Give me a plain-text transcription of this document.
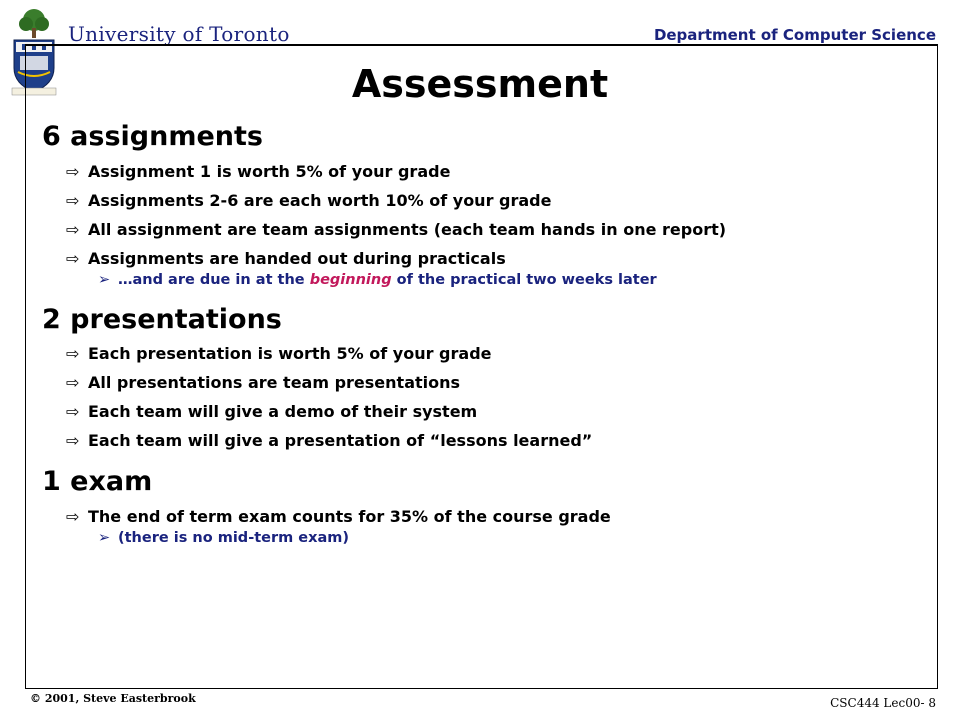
University of Toronto	Department of Computer Science
Assessment
6 assignments
⇨ Assignment 1 is worth 5% of your grade
⇨ Assignments 2-6 are each worth 10% of your grade
⇨ All assignment are team assignments (each team hands in one report)
⇨ Assignments are handed out during practicals
➢ …and are due in at the beginning of the practical two weeks later
2 presentations
⇨ Each presentation is worth 5% of your grade
⇨ All presentations are team presentations
⇨ Each team will give a demo of their system
⇨ Each team will give a presentation of “lessons learned”
1 exam
⇨ The end of term exam counts for 35% of the course grade
➢ (there is no mid-term exam)
© 2001, Steve Easterbrook	CSC444 Lec00- 8
